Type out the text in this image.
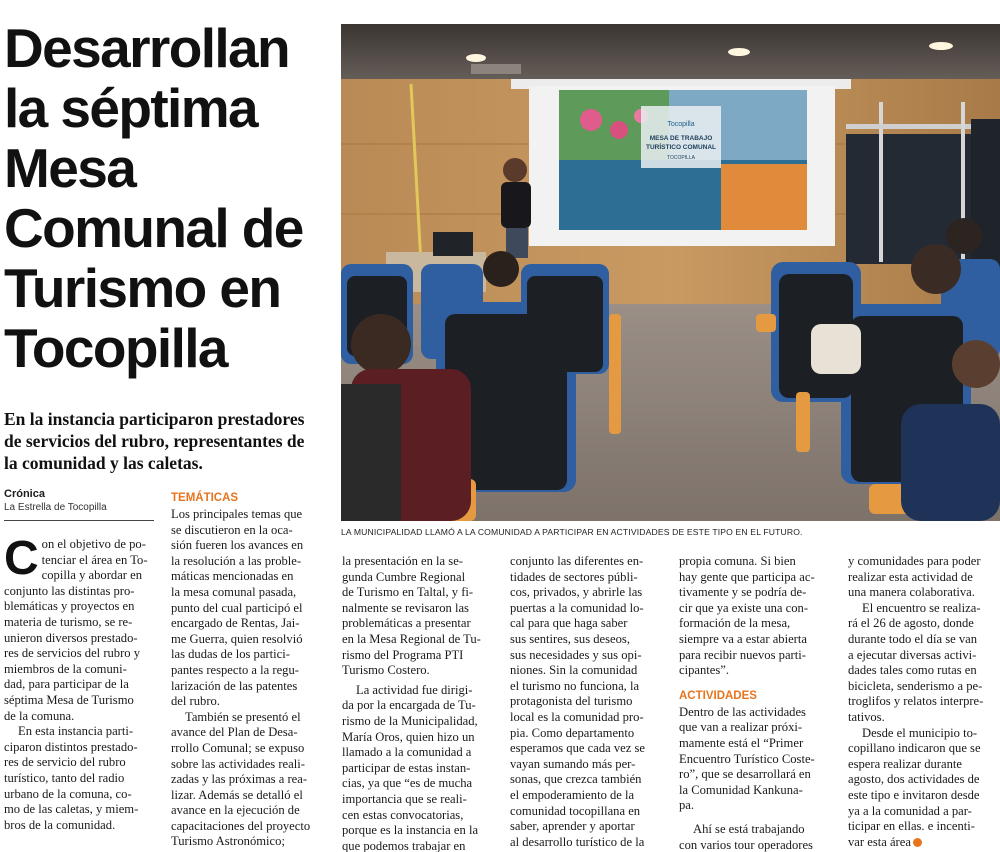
Desarrollan
la séptima
Mesa
Comunal de
Turismo en
Tocopilla
En la instancia participaron prestadores
de servicios del rubro, representantes de
la comunidad y las caletas.
Crónica
La Estrella de Tocopilla
Tocopilla
MESA DE TRABAJO
TURÍSTICO COMUNAL
TOCOPILLA
LA MUNICIPALIDAD LLAMÓ A LA COMUNIDAD A PARTICIPAR EN ACTIVIDADES DE ESTE TIPO EN EL FUTURO.
C on el objetivo de po-
tenciar el área en To-
copilla y abordar en
conjunto las distintas pro-
blemáticas y proyectos en
materia de turismo, se re-
unieron diversos prestado-
res de servicios del rubro y
miembros de la comuni-
dad, para participar de la
séptima Mesa de Turismo
de la comuna.
En esta instancia parti-
ciparon distintos prestado-
res de servicio del rubro
turístico, tanto del radio
urbano de la comuna, co-
mo de las caletas, y miem-
bros de la comunidad.
TEMÁTICAS
Los principales temas que
se discutieron en la oca-
sión fueren los avances en
la resolución a las proble-
máticas mencionadas en
la mesa comunal pasada,
punto del cual participó el
encargado de Rentas, Jai-
me Guerra, quien resolvió
las dudas de los partici-
pantes respecto a la regu-
larización de las patentes
del rubro.
También se presentó el
avance del Plan de Desa-
rrollo Comunal; se expuso
sobre las actividades reali-
zadas y las próximas a rea-
lizar. Además se detalló el
avance en la ejecución de
capacitaciones del proyecto
Turismo Astronómico;
la presentación en la se-
gunda Cumbre Regional
de Turismo en Taltal, y fi-
nalmente se revisaron las
problemáticas a presentar
en la Mesa Regional de Tu-
rismo del Programa PTI
Turismo Costero.
La actividad fue dirigi-
da por la encargada de Tu-
rismo de la Municipalidad,
María Oros, quien hizo un
llamado a la comunidad a
participar de estas instan-
cias, ya que “es de mucha
importancia que se reali-
cen estas convocatorias,
porque es la instancia en la
que podemos trabajar en
conjunto las diferentes en-
tidades de sectores públi-
cos, privados, y abrirle las
puertas a la comunidad lo-
cal para que haga saber
sus sentires, sus deseos,
sus necesidades y sus opi-
niones. Sin la comunidad
el turismo no funciona, la
protagonista del turismo
local es la comunidad pro-
pia. Como departamento
esperamos que cada vez se
vayan sumando más per-
sonas, que crezca también
el empoderamiento de la
comunidad tocopillana en
saber, aprender y aportar
al desarrollo turístico de la
propia comuna. Si bien
hay gente que participa ac-
tivamente y se podría de-
cir que ya existe una con-
formación de la mesa,
siempre va a estar abierta
para recibir nuevos parti-
cipantes”.
ACTIVIDADES
Dentro de las actividades
que van a realizar próxi-
mamente está el “Primer
Encuentro Turístico Coste-
ro”, que se desarrollará en
la Comunidad Kankuna-
pa.
Ahí se está trabajando
con varios tour operadores
y comunidades para poder
realizar esta actividad de
una manera colaborativa.
El encuentro se realiza-
rá el 26 de agosto, donde
durante todo el día se van
a ejecutar diversas activi-
dades tales como rutas en
bicicleta, senderismo a pe-
troglifos y relatos interpre-
tativos.
Desde el municipio to-
copillano indicaron que se
espera realizar durante
agosto, dos actividades de
este tipo e invitaron desde
ya a la comunidad a par-
ticipar en ellas. e incenti-
var esta área
